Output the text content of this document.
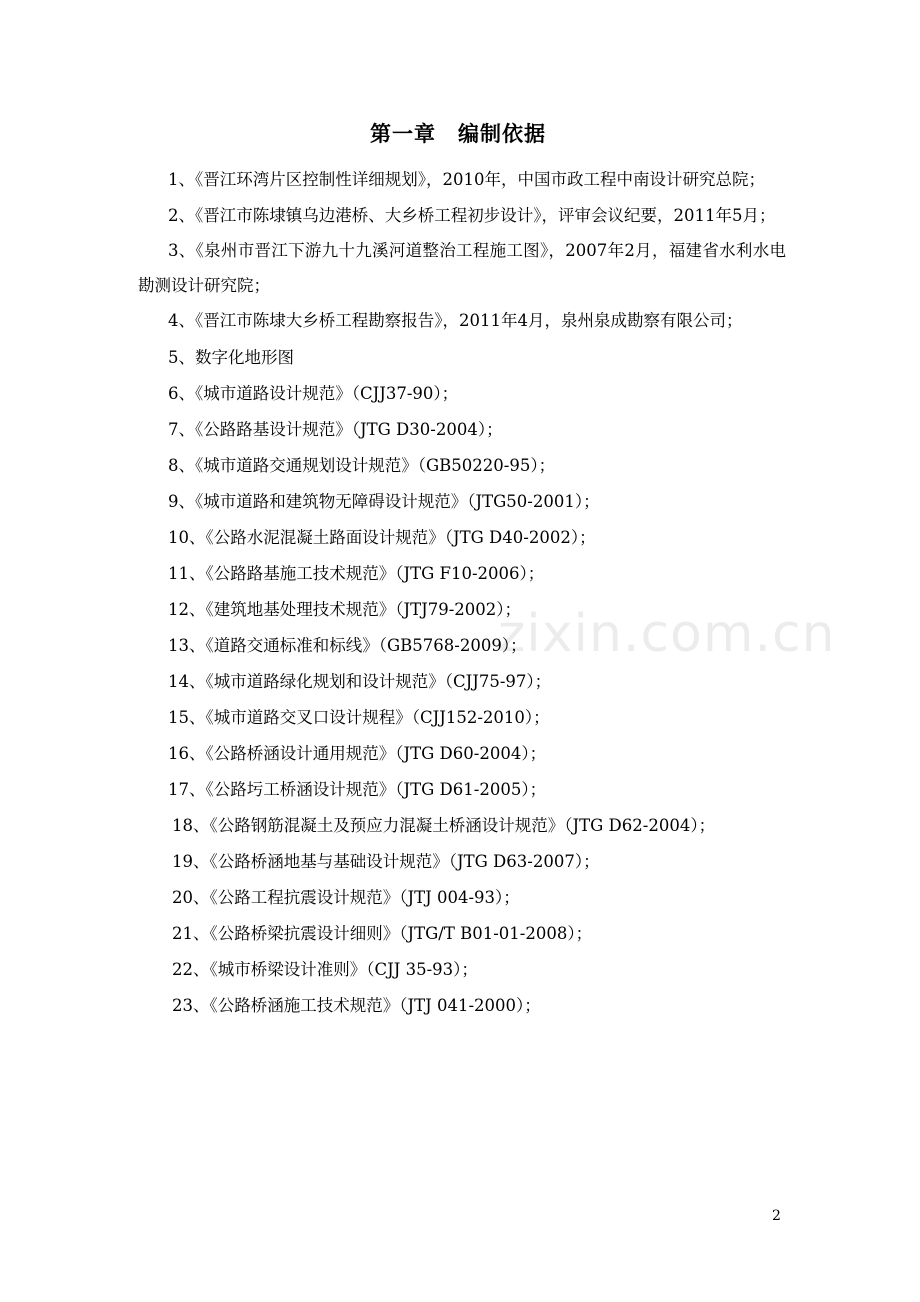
第一章　编制依据

1、《晋江环湾片区控制性详细规划》，2010年，中国市政工程中南设计研究总院；

2、《晋江市陈埭镇乌边港桥、大乡桥工程初步设计》，评审会议纪要，2011年5月；

3、《泉州市晋江下游九十九溪河道整治工程施工图》，2007年2月，福建省水利水电勘测设计研究院；

4、《晋江市陈埭大乡桥工程勘察报告》，2011年4月，泉州泉成勘察有限公司；

5、数字化地形图

6、《城市道路设计规范》（CJJ37-90）；

7、《公路路基设计规范》（JTG D30-2004）；

8、《城市道路交通规划设计规范》（GB50220-95）；

9、《城市道路和建筑物无障碍设计规范》（JTG50-2001）；

10、《公路水泥混凝土路面设计规范》（JTG D40-2002）；

11、《公路路基施工技术规范》（JTG F10-2006）；

12、《建筑地基处理技术规范》（JTJ79-2002）；

13、《道路交通标准和标线》（GB5768-2009）；

14、《城市道路绿化规划和设计规范》（CJJ75-97）；

15、《城市道路交叉口设计规程》（CJJ152-2010）；

16、《公路桥涵设计通用规范》（JTG D60-2004）；

17、《公路圬工桥涵设计规范》（JTG D61-2005）；

18、《公路钢筋混凝土及预应力混凝土桥涵设计规范》（JTG D62-2004）；

19、《公路桥涵地基与基础设计规范》（JTG D63-2007）；

20、《公路工程抗震设计规范》（JTJ 004-93）；

21、《公路桥梁抗震设计细则》（JTG/T B01-01-2008）；

22、《城市桥梁设计准则》（CJJ 35-93）；

23、《公路桥涵施工技术规范》（JTJ 041-2000）；

zixin.com.cn
2
